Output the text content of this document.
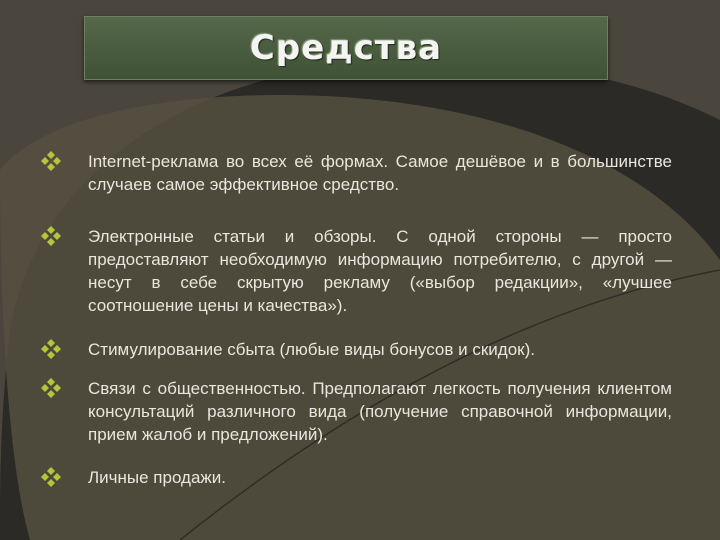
Средства
Internet-реклама во всех её формах. Самое дешёвое и в большинстве случаев самое эффективное средство.
Электронные статьи и обзоры. С одной стороны — просто предоставляют необходимую информацию потребителю, с другой — несут в себе скрытую рекламу («выбор редакции», «лучшее соотношение цены и качества»).
Стимулирование сбыта (любые виды бонусов и скидок).
Связи с общественностью. Предполагают легкость получения клиентом консультаций различного вида (получение справочной информации, прием жалоб и предложений).
Личные продажи.
